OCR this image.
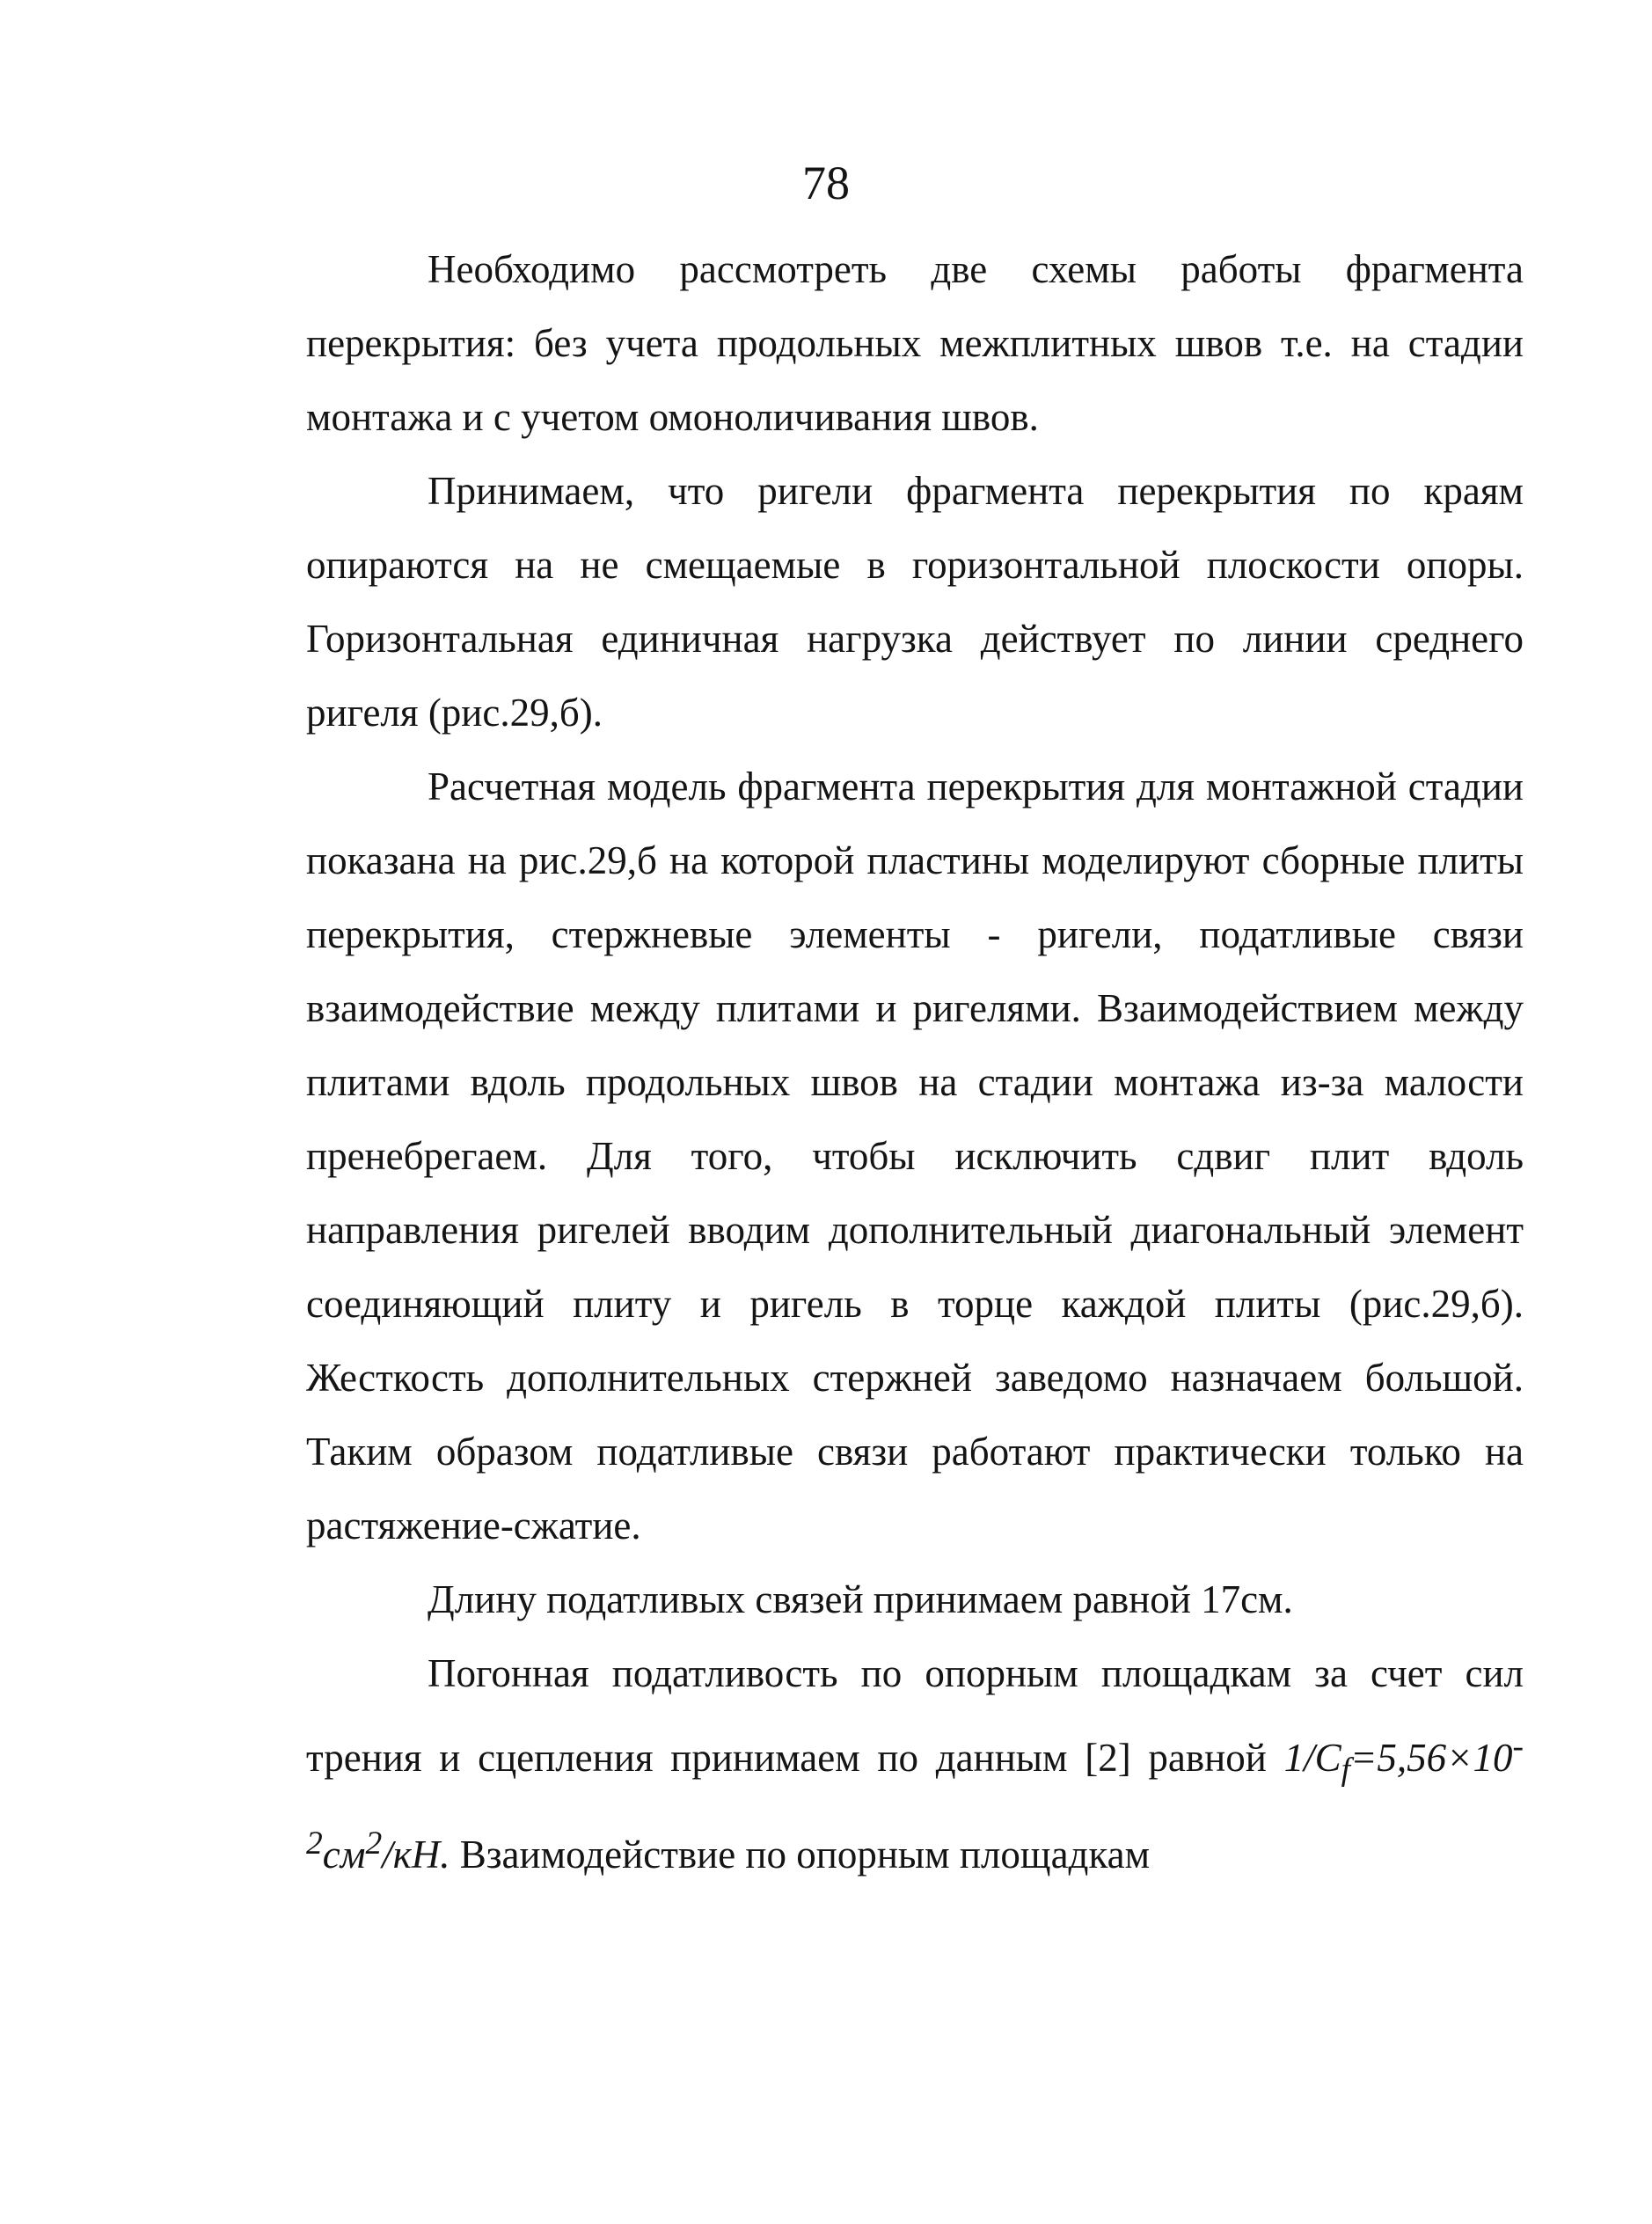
78

Необходимо рассмотреть две схемы работы фрагмента перекрытия: без учета продольных межплитных швов т.е. на стадии монтажа и с учетом омоноличивания швов.

Принимаем, что ригели фрагмента перекрытия по краям опираются на не смещаемые в горизонтальной плоскости опоры. Горизонтальная единичная нагрузка действует по линии среднего ригеля (рис.29,б).

Расчетная модель фрагмента перекрытия для монтажной стадии показана на рис.29,б на которой пластины моделируют сборные плиты перекрытия, стержневые элементы - ригели, податливые связи взаимодействие между плитами и ригелями. Взаимодействием между плитами вдоль продольных швов на стадии монтажа из-за малости пренебрегаем. Для того, чтобы исключить сдвиг плит вдоль направления ригелей вводим дополнительный диагональный элемент соединяющий плиту и ригель в торце каждой плиты (рис.29,б). Жесткость дополнительных стержней заведомо назначаем большой. Таким образом податливые связи работают практически только на растяжение-сжатие.

Длину податливых связей принимаем равной 17см.

Погонная податливость по опорным площадкам за счет сил трения и сцепления принимаем по данным [2] равной $1/C_f=5,56\times 10^{-2}см^2/кН$. Взаимодействие по опорным площадкам
